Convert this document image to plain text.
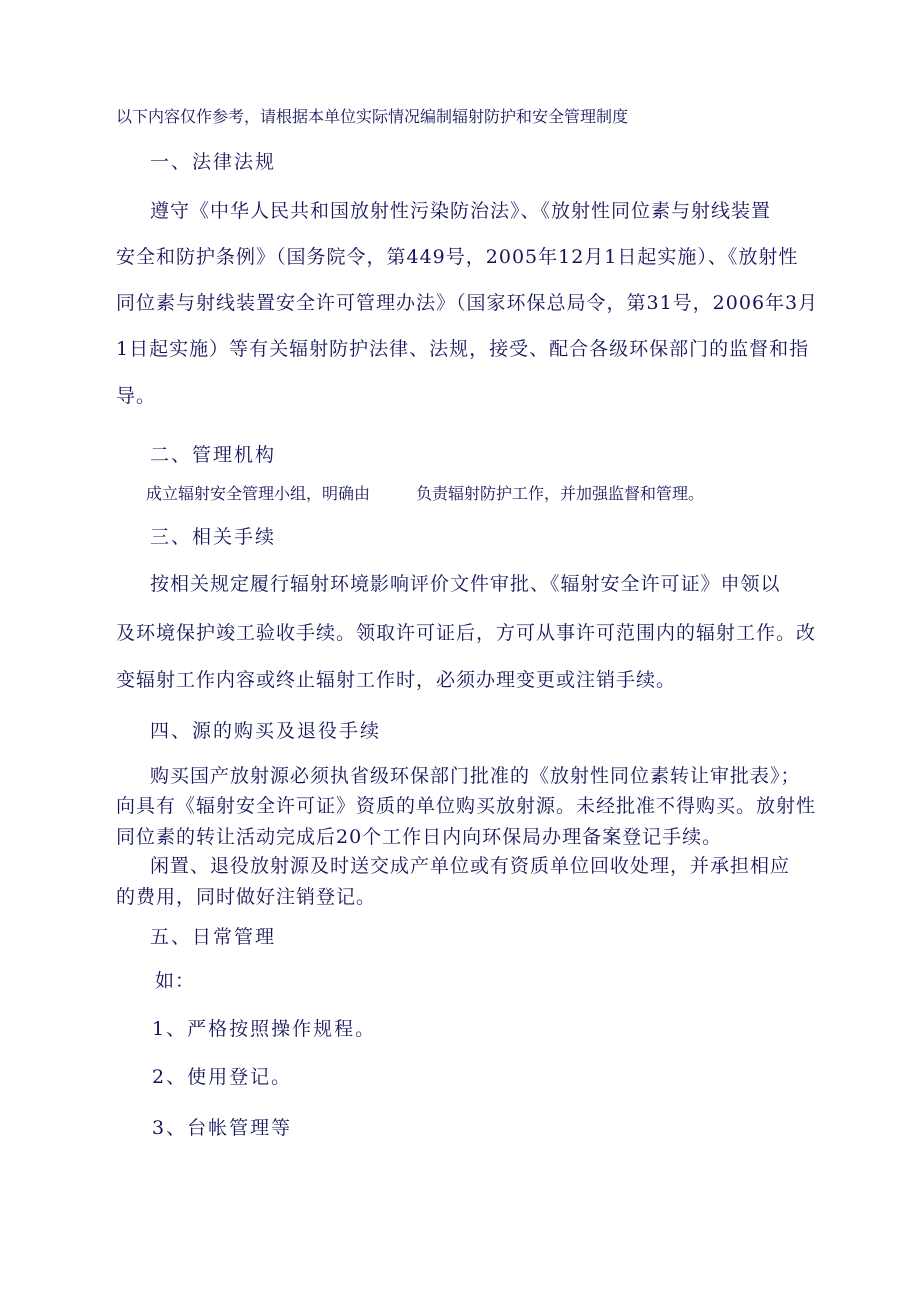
以下内容仅作参考，请根据本单位实际情况编制辐射防护和安全管理制度

一、法律法规

遵守《中华人民共和国放射性污染防治法》、《放射性同位素与射线装置

安全和防护条例》（国务院令，第449号，2005年12月1日起实施）、《放射性

同位素与射线装置安全许可管理办法》（国家环保总局令，第31号，2006年3月

1日起实施）等有关辐射防护法律、法规，接受、配合各级环保部门的监督和指

导。

二、管理机构

成立辐射安全管理小组，明确由	负责辐射防护工作，并加强监督和管理。

三、相关手续

按相关规定履行辐射环境影响评价文件审批、《辐射安全许可证》申领以

及环境保护竣工验收手续。领取许可证后，方可从事许可范围内的辐射工作。改

变辐射工作内容或终止辐射工作时，必须办理变更或注销手续。

四、源的购买及退役手续

购买国产放射源必须执省级环保部门批准的《放射性同位素转让审批表》；

向具有《辐射安全许可证》资质的单位购买放射源。未经批准不得购买。放射性

同位素的转让活动完成后20个工作日内向环保局办理备案登记手续。

闲置、退役放射源及时送交成产单位或有资质单位回收处理，并承担相应

的费用，同时做好注销登记。

五、日常管理

如：

1、严格按照操作规程。

2、使用登记。

3、台帐管理等
